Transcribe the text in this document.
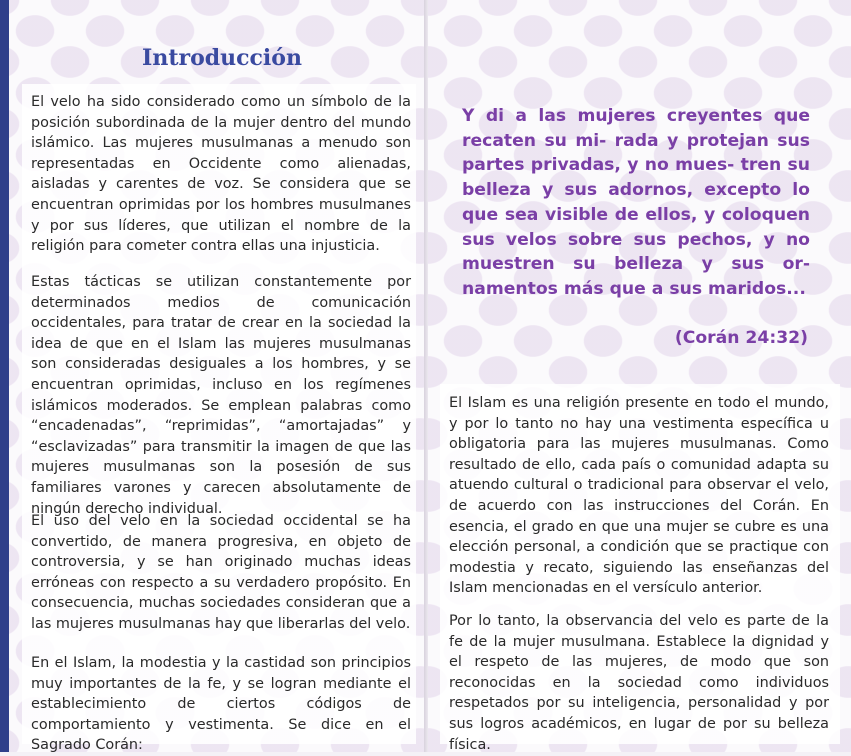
Introducción

El velo ha sido considerado como un símbolo de la posición subordinada de la mujer dentro del mundo islámico. Las mujeres musulmanas a menudo son representadas en Occidente como alienadas, aisladas y carentes de voz. Se considera que se encuentran oprimidas por los hombres musulmanes y por sus líderes, que utilizan el nombre de la religión para cometer contra ellas una injusticia.

Estas tácticas se utilizan constantemente por determinados medios de comunicación occidentales, para tratar de crear en la sociedad la idea de que en el Islam las mujeres musulmanas son consideradas desiguales a los hombres, y se encuentran oprimidas, incluso en los regímenes islámicos moderados. Se emplean palabras como “encadenadas”, “reprimidas”, “amortajadas” y “esclavizadas” para transmitir la imagen de que las mujeres musulmanas son la posesión de sus familiares varones y carecen absolutamente de ningún derecho individual.

El uso del velo en la sociedad occidental se ha convertido, de manera progresiva, en objeto de controversia, y se han originado muchas ideas erróneas con respecto a su verdadero propósito. En consecuencia, muchas sociedades consideran que a las mujeres musulmanas hay que liberarlas del velo.

En el Islam, la modestia y la castidad son principios muy importantes de la fe, y se logran mediante el establecimiento de ciertos códigos de comportamiento y vestimenta. Se dice en el Sagrado Corán:

Y di a las mujeres creyentes que recaten su mi- rada y protejan sus partes privadas, y no mues- tren su belleza y sus adornos, excepto lo que sea visible de ellos, y coloquen sus velos sobre sus pechos, y no muestren su belleza y sus or- namentos más que a sus maridos...

(Corán 24:32)

El Islam es una religión presente en todo el mundo, y por lo tanto no hay una vestimenta específica u obligatoria para las mujeres musulmanas. Como resultado de ello, cada país o comunidad adapta su atuendo cultural o tradicional para observar el velo, de acuerdo con las instrucciones del Corán. En esencia, el grado en que una mujer se cubre es una elección personal, a condición que se practique con modestia y recato, siguiendo las enseñanzas del Islam mencionadas en el versículo anterior.

Por lo tanto, la observancia del velo es parte de la fe de la mujer musulmana. Establece la dignidad y el respeto de las mujeres, de modo que son reconocidas en la sociedad como individuos respetados por su inteligencia, personalidad y por sus logros académicos, en lugar de por su belleza física.
